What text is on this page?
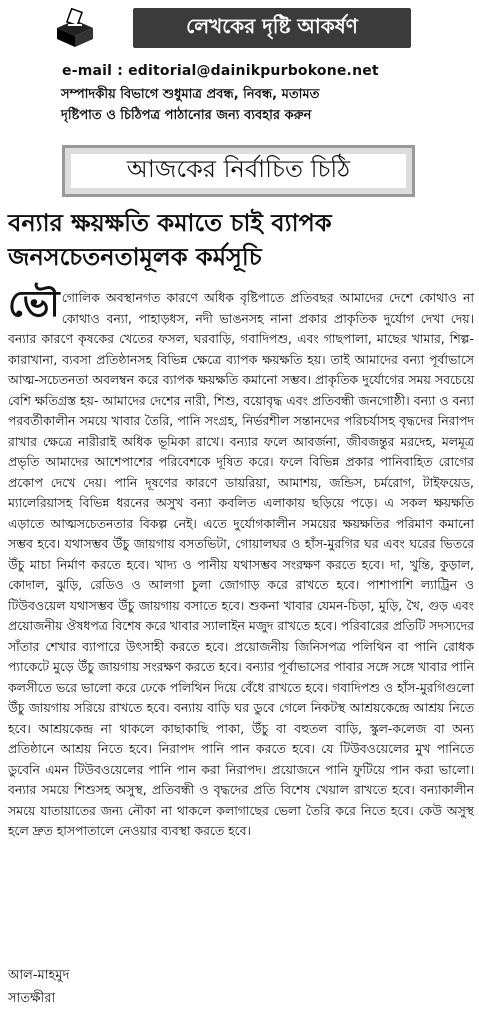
লেখকের দৃষ্টি আকর্ষণ
e-mail : editorial@dainikpurbokone.net
সম্পাদকীয় বিভাগে শুধুমাত্র প্রবন্ধ, নিবন্ধ, মতামত
দৃষ্টিপাত ও চিঠিপত্র পাঠানোর জন্য ব্যবহার করুন
আজকের নির্বাচিত চিঠি
বন্যার ক্ষয়ক্ষতি কমাতে চাই ব্যাপক
জনসচেতনতামূলক কর্মসূচি
ভৌ গোলিক অবস্থানগত কারণে অধিক বৃষ্টিপাতে প্রতিবছর আমাদের দেশে কোথাও না কোথাও বন্যা, পাহাড়ধস, নদী ভাঙনসহ নানা প্রকার প্রাকৃতিক দুর্যোগ দেখা দেয়। বন্যার কারণে কৃষকের খেতের ফসল, ঘরবাড়ি, গবাদিপশু, এবং গাছপালা, মাছের খামার, শিল্প-কারাখানা, ব্যবসা প্রতিষ্ঠানসহ বিভিন্ন ক্ষেত্রে ব্যাপক ক্ষয়ক্ষতি হয়। তাই আমাদের বন্যা পূর্বাভাসে আত্ম-সচেতনতা অবলম্বন করে ব্যাপক ক্ষয়ক্ষতি কমানো সম্ভব। প্রাকৃতিক দুর্যোগের সময় সবচেয়ে বেশি ক্ষতিগ্রস্ত হয়- আমাদের দেশের নারী, শিশু, বয়োবৃদ্ধ এবং প্রতিবন্ধী জনগোষ্ঠী। বন্যা ও বন্যা পরবর্তীকালীন সময়ে খাবার তৈরি, পানি সংগ্রহ, নির্ভরশীল সন্তানদের পরিচর্যাসহ বৃদ্ধদের নিরাপদ রাখার ক্ষেত্রে নারীরাই অধিক ভূমিকা রাখে। বন্যার ফলে আবর্জনা, জীবজন্তুর মরদেহ, মলমূত্র প্রভৃতি আমাদের আশেপাশের পরিবেশকে দূষিত করে। ফলে বিভিন্ন প্রকার পানিবাহিত রোগের প্রকোপ দেখে দেয়। পানি দূষণের কারণে ডায়রিয়া, আমাশয়, জন্ডিস, চর্মরোগ, টাইফয়েড, ম্যালেরিয়াসহ বিভিন্ন ধরনের অসুখ বন্যা কবলিত এলাকায় ছড়িয়ে পড়ে। এ সকল ক্ষয়ক্ষতি এড়াতে আত্মসচেতনতার বিকল্প নেই। এতে দুর্যোগকালীন সময়ের ক্ষয়ক্ষতির পরিমাণ কমানো সম্ভব হবে। যথাসম্ভব উঁচু জায়গায় বসতভিটা, গোয়ালঘর ও হাঁস-মুরগির ঘর এবং ঘরের ভিতরে উঁচু মাচা নির্মাণ করতে হবে। খাদ্য ও পানীয় যথাসম্ভব সংরক্ষণ করতে হবে। দা, খুন্তি, কুড়াল, কোদাল, ঝুড়ি, রেডিও ও আলগা চুলা জোগাড় করে রাখতে হবে। পাশাপাশি ল্যাট্রিন ও টিউবওয়েল যথাসম্ভব উঁচু জায়গায় বসাতে হবে। শুকনা খাবার যেমন-চিড়া, মুড়ি, খৈ, গুড় এবং প্রয়োজনীয় ঔষধপত্র বিশেষ করে খাবার স্যালাইন মজুদ রাখতে হবে। পরিবারের প্রতিটি সদস্যদের সাঁতার শেখার ব্যাপারে উৎসাহী করতে হবে। প্রয়োজনীয় জিনিসপত্র পলিথিন বা পানি রোধক প্যাকেটে মুড়ে উঁচু জায়গায় সংরক্ষণ করতে হবে। বন্যার পূর্বাভাসের পাবার সঙ্গে সঙ্গে খাবার পানি কলসীতে ভরে ভালো করে ঢেকে পলিথিন দিয়ে বেঁধে রাখতে হবে। গবাদিপশু ও হাঁস-মুরগিগুলো উঁচু জায়গায় সরিয়ে রাখতে হবে। বন্যায় বাড়ি ঘর ডুবে গেলে নিকটস্থ আশ্রয়কেন্দ্রে আশ্রয় নিতে হবে। আশ্রয়কেন্দ্র না থাকলে কাছাকাছি পাকা, উঁচু বা বহুতল বাড়ি, স্কুল-কলেজ বা অন্য প্রতিষ্ঠানে আশ্রয় নিতে হবে। নিরাপদ পানি পান করতে হবে। যে টিউবওয়েলের মুখ পানিতে ডুবেনি এমন টিউবওয়েলের পানি পান করা নিরাপদ। প্রয়োজনে পানি ফুটিয়ে পান করা ভালো। বন্যার সময়ে শিশুসহ অসুস্থ, প্রতিবন্ধী ও বৃদ্ধদের প্রতি বিশেষ খেয়াল রাখতে হবে। বন্যাকালীন সময়ে যাতায়াতের জন্য নৌকা না থাকলে কলাগাছের ভেলা তৈরি করে নিতে হবে। কেউ অসুস্থ হলে দ্রুত হাসপাতালে নেওয়ার ব্যবস্থা করতে হবে।
আল-মাহমুদ
সাতক্ষীরা
